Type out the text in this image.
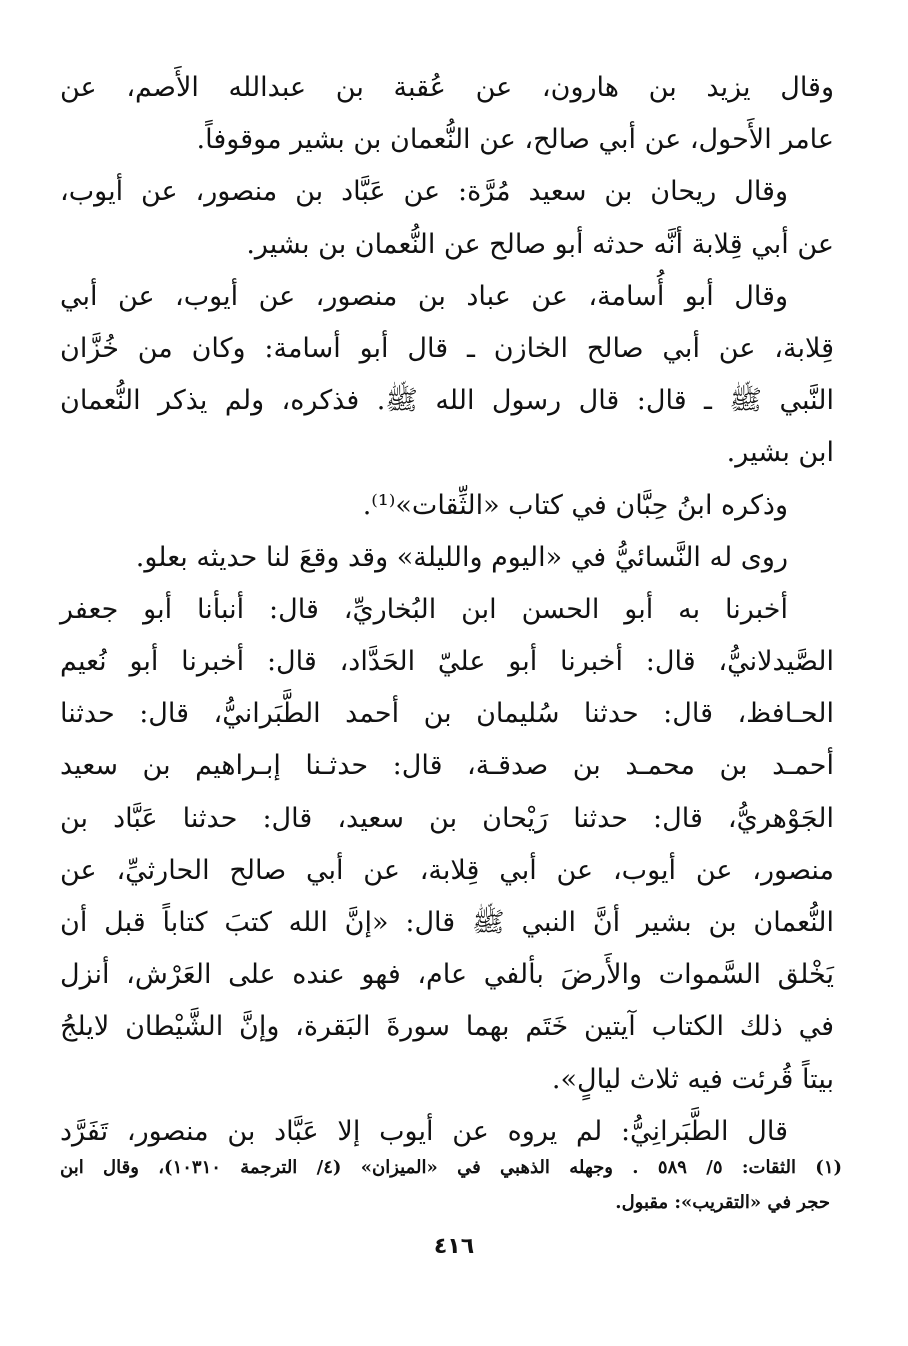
وقال يزيد بن هارون، عن عُقبة بن عبدالله الأَصم، عن
عامر الأَحول، عن أبي صالح، عن النُّعمان بن بشير موقوفاً.
وقال ريحان بن سعيد مُرَّة: عن عَبَّاد بن منصور، عن أيوب،
عن أبي قِلابة أنَّه حدثه أبو صالح عن النُّعمان بن بشير.
وقال أبو أُسامة، عن عباد بن منصور، عن أيوب، عن أبي
قِلابة، عن أبي صالح الخازن ـ قال أبو أسامة: وكان من خُزَّان
النَّبي ﷺ ـ قال: قال رسول الله ﷺ. فذكره، ولم يذكر النُّعمان
ابن بشير.
وذكره ابنُ حِبَّان في كتاب «الثِّقات»⁽¹⁾.
روى له النَّسائيُّ في «اليوم والليلة» وقد وقعَ لنا حديثه بعلو.
أخبرنا به أبو الحسن ابن البُخاريِّ، قال: أنبأنا أبو جعفر
الصَّيدلانيُّ، قال: أخبرنا أبو عليّ الحَدَّاد، قال: أخبرنا أبو نُعيم
الحـافظ، قال: حدثنا سُليمان بن أحمد الطَّبَرانيُّ، قال: حدثنا
أحمـد بن محمـد بن صدقـة، قال: حدثـنا إبـراهيم بن سعيد
الجَوْهريُّ، قال: حدثنا رَيْحان بن سعيد، قال: حدثنا عَبَّاد بن
منصور، عن أيوب، عن أبي قِلابة، عن أبي صالح الحارثيِّ، عن
النُّعمان بن بشير أنَّ النبي ﷺ قال: «إنَّ الله كتبَ كتاباً قبل أن
يَخْلق السَّموات والأَرضَ بألفي عام، فهو عنده على العَرْش، أنزل
في ذلك الكتاب آيتين خَتَم بهما سورةَ البَقرة، وإنَّ الشَّيْطان لايلجُ
بيتاً قُرئت فيه ثلاث ليالٍ».
قال الطَّبَرانِيُّ: لم يروه عن أيوب إلا عَبَّاد بن منصور، تَفَرَّد
(١) الثقات: ٥/ ٥٨٩ . وجهله الذهبي في «الميزان» (٤/ الترجمة ١٠٣١٠)، وقال ابن
حجر في «التقريب»: مقبول.
٤١٦
